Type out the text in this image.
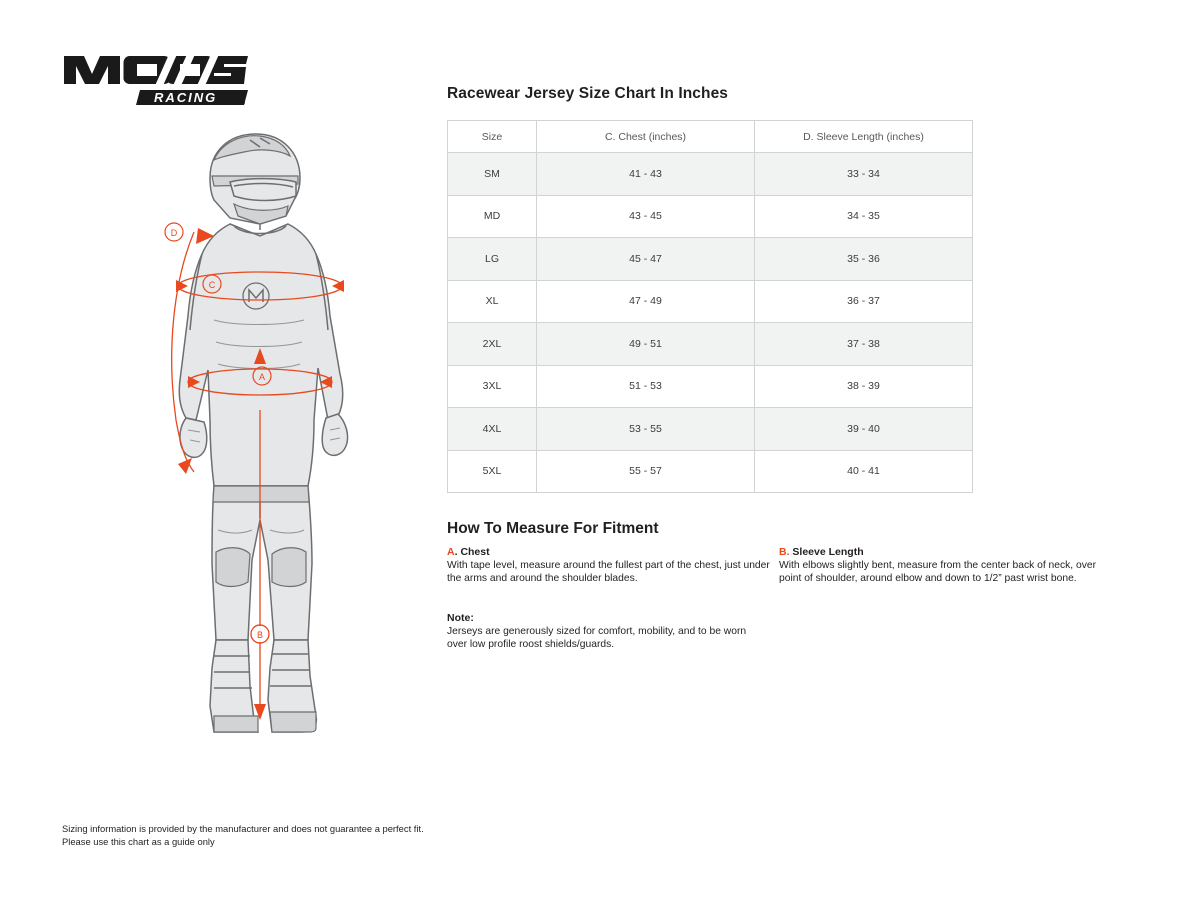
RACING	®
D
C
A
B
Racewear Jersey Size Chart In Inches
Size	C. Chest (inches)	D. Sleeve Length (inches)
SM	41 - 43	33 - 34
MD	43 - 45	34 - 35
LG	45 - 47	35 - 36
XL	47 - 49	36 - 37
2XL	49 - 51	37 - 38
3XL	51 - 53	38 - 39
4XL	53 - 55	39 - 40
5XL	55 - 57	40 - 41
How To Measure For Fitment
A. Chest
With tape level, measure around the fullest part of the chest, just under the arms and around the shoulder blades.
Note:
Jerseys are generously sized for comfort, mobility, and to be worn over low profile roost shields/guards.
B. Sleeve Length
With elbows slightly bent, measure from the center back of neck, over point of shoulder, around elbow and down to 1/2” past wrist bone.
Sizing information is provided by the manufacturer and does not guarantee a perfect fit.
Please use this chart as a guide only
